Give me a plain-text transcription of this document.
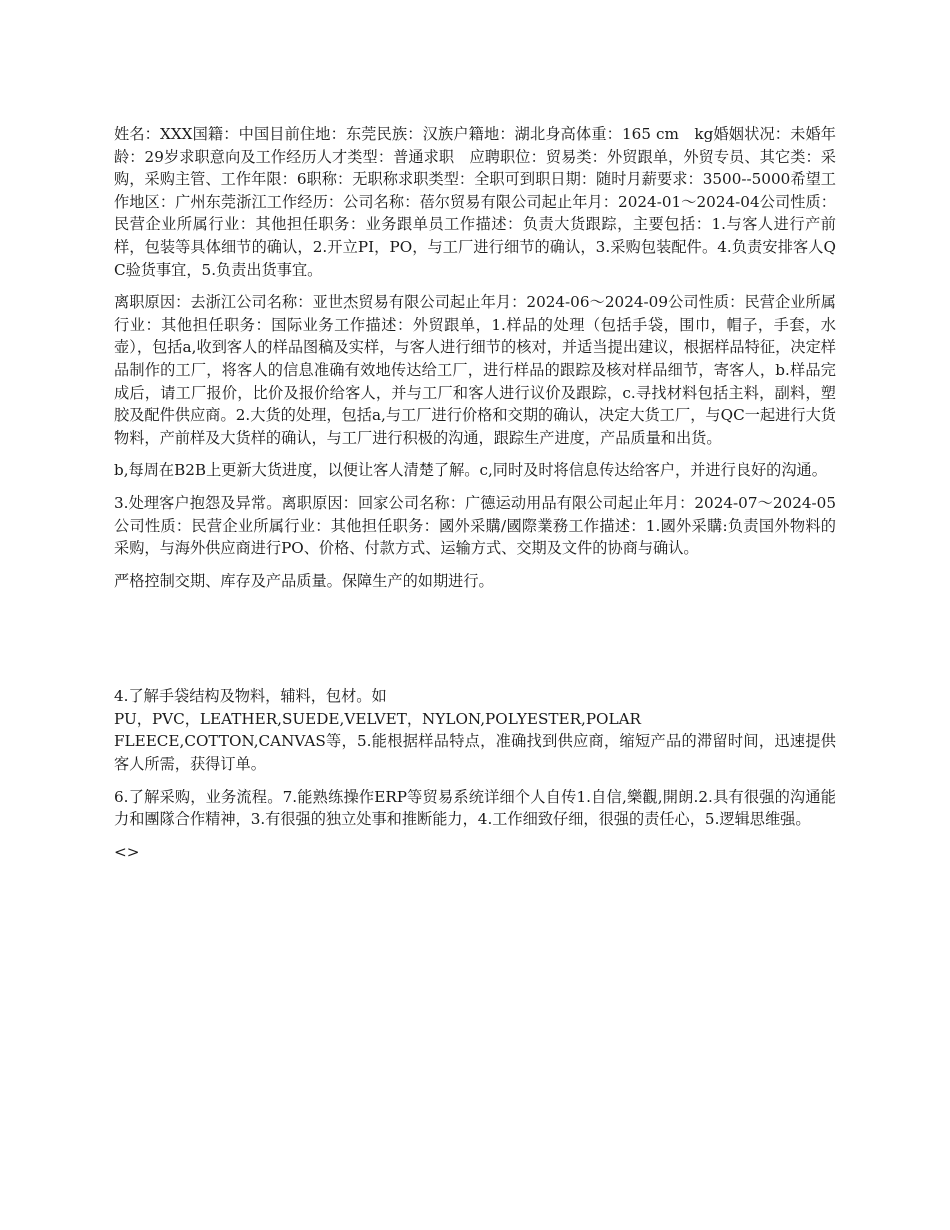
姓名：XXX国籍：中国目前住地：东莞民族：汉族户籍地：湖北身高体重：165 cm　kg婚姻状况：未婚年龄：29岁求职意向及工作经历人才类型：普通求职　应聘职位：贸易类：外贸跟单，外贸专员、其它类：采购，采购主管、工作年限：6职称：无职称求职类型：全职可到职日期：随时月薪要求：3500--5000希望工作地区：广州东莞浙江工作经历：公司名称：蓓尔贸易有限公司起止年月：2024-01～2024-04公司性质：民营企业所属行业：其他担任职务：业务跟单员工作描述：负责大货跟踪，主要包括：1.与客人进行产前样，包装等具体细节的确认，2.开立PI，PO，与工厂进行细节的确认，3.采购包装配件。4.负责安排客人QC验货事宜，5.负责出货事宜。

离职原因：去浙江公司名称：亚世杰贸易有限公司起止年月：2024-06～2024-09公司性质：民营企业所属行业：其他担任职务：国际业务工作描述：外贸跟单，1.样品的处理（包括手袋，围巾，帽子，手套，水壶），包括a,收到客人的样品图稿及实样，与客人进行细节的核对，并适当提出建议，根据样品特征，决定样品制作的工厂，将客人的信息准确有效地传达给工厂，进行样品的跟踪及核对样品细节，寄客人，b.样品完成后，请工厂报价，比价及报价给客人，并与工厂和客人进行议价及跟踪，c.寻找材料包括主料，副料，塑胶及配件供应商。2.大货的处理，包括a,与工厂进行价格和交期的确认，决定大货工厂，与QC一起进行大货物料，产前样及大货样的确认，与工厂进行积极的沟通，跟踪生产进度，产品质量和出货。

b,每周在B2B上更新大货进度，以便让客人清楚了解。c,同时及时将信息传达给客户，并进行良好的沟通。

3.处理客户抱怨及异常。离职原因：回家公司名称：广德运动用品有限公司起止年月：2024-07～2024-05公司性质：民营企业所属行业：其他担任职务：國外采購/國際業務工作描述：1.國外采購:负责国外物料的采购，与海外供应商进行PO、价格、付款方式、运输方式、交期及文件的协商与确认。

严格控制交期、库存及产品质量。保障生产的如期进行。

4.了解手袋结构及物料，辅料，包材。如
PU，PVC，LEATHER,SUEDE,VELVET，NYLON,POLYESTER,POLAR
FLEECE,COTTON,CANVAS等，5.能根据样品特点，准确找到供应商，缩短产品的滞留时间，迅速提供客人所需，获得订单。

6.了解采购，业务流程。7.能熟练操作ERP等贸易系统详细个人自传1.自信,樂觀,開朗.2.具有很强的沟通能力和團隊合作精神，3.有很强的独立处事和推断能力，4.工作细致仔细，很强的责任心，5.逻辑思维强。

<>
